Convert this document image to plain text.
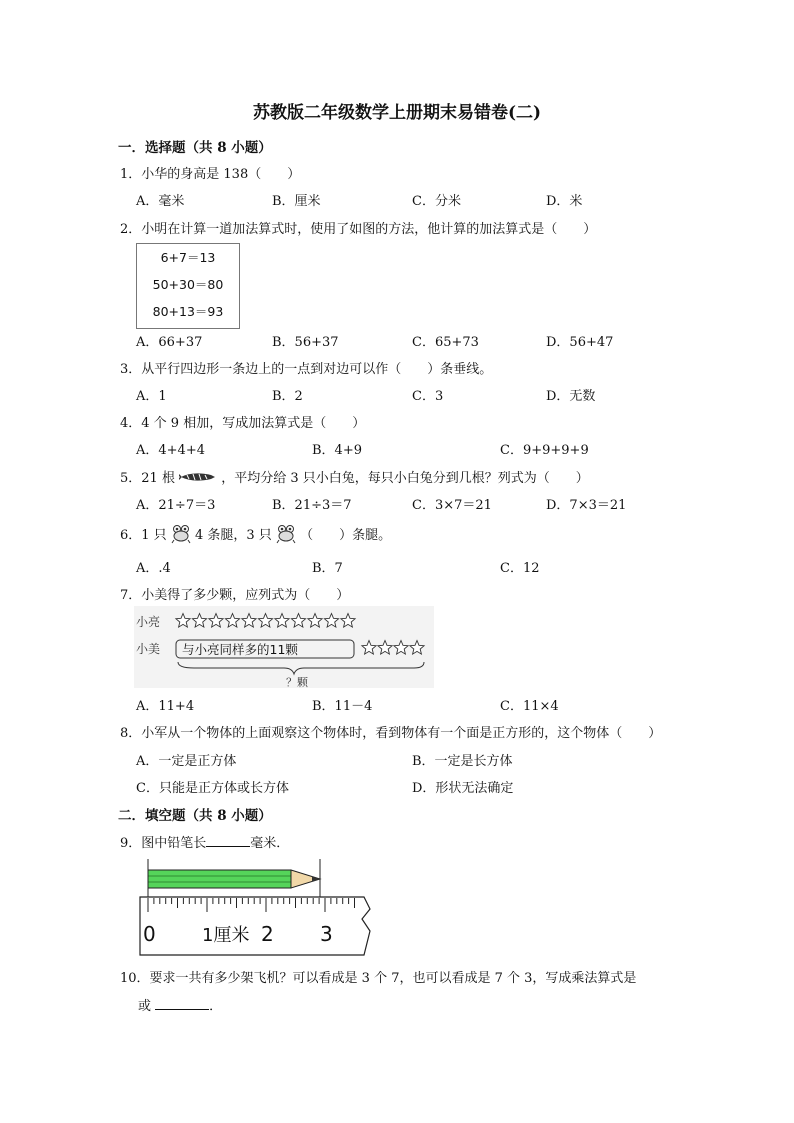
苏教版二年级数学上册期末易错卷(二)
一．选择题（共 8 小题）
1．小华的身高是 138（　　）
A．毫米	B．厘米	C．分米	D．米
2．小明在计算一道加法算式时，使用了如图的方法，他计算的加法算式是（　　）
6+7＝13
50+30＝80
80+13＝93
A．66+37	B．56+37	C．65+73	D．56+47
3．从平行四边形一条边上的一点到对边可以作（　　）条垂线。
A．1	B．2	C．3	D．无数
4．4 个 9 相加，写成加法算式是（　　）
A．4+4+4	B．4+9	C．9+9+9+9
5．21 根	，平均分给 3 只小白兔，每只小白兔分到几根？列式为（　　）
A．21÷7＝3	B．21÷3＝7	C．3×7＝21	D．7×3＝21
6．1 只 4 条腿，3 只 （　　）条腿。
A．.4	B．7	C．12
7．小美得了多少颗，应列式为（　　）
小亮
小美 与小亮同样多的11颗
？颗
A．11+4	B．11－4	C．11×4
8．小军从一个物体的上面观察这个物体时，看到物体有一个面是正方形的，这个物体（　　）
A．一定是正方体	B．一定是长方体
C．只能是正方体或长方体	D．形状无法确定
二．填空题（共 8 小题）
9．图中铅笔长	毫米．
0	1厘米 2 3
10．要求一共有多少架飞机？可以看成是 3 个 7，也可以看成是 7 个 3，写成乘法算式是
或	．
